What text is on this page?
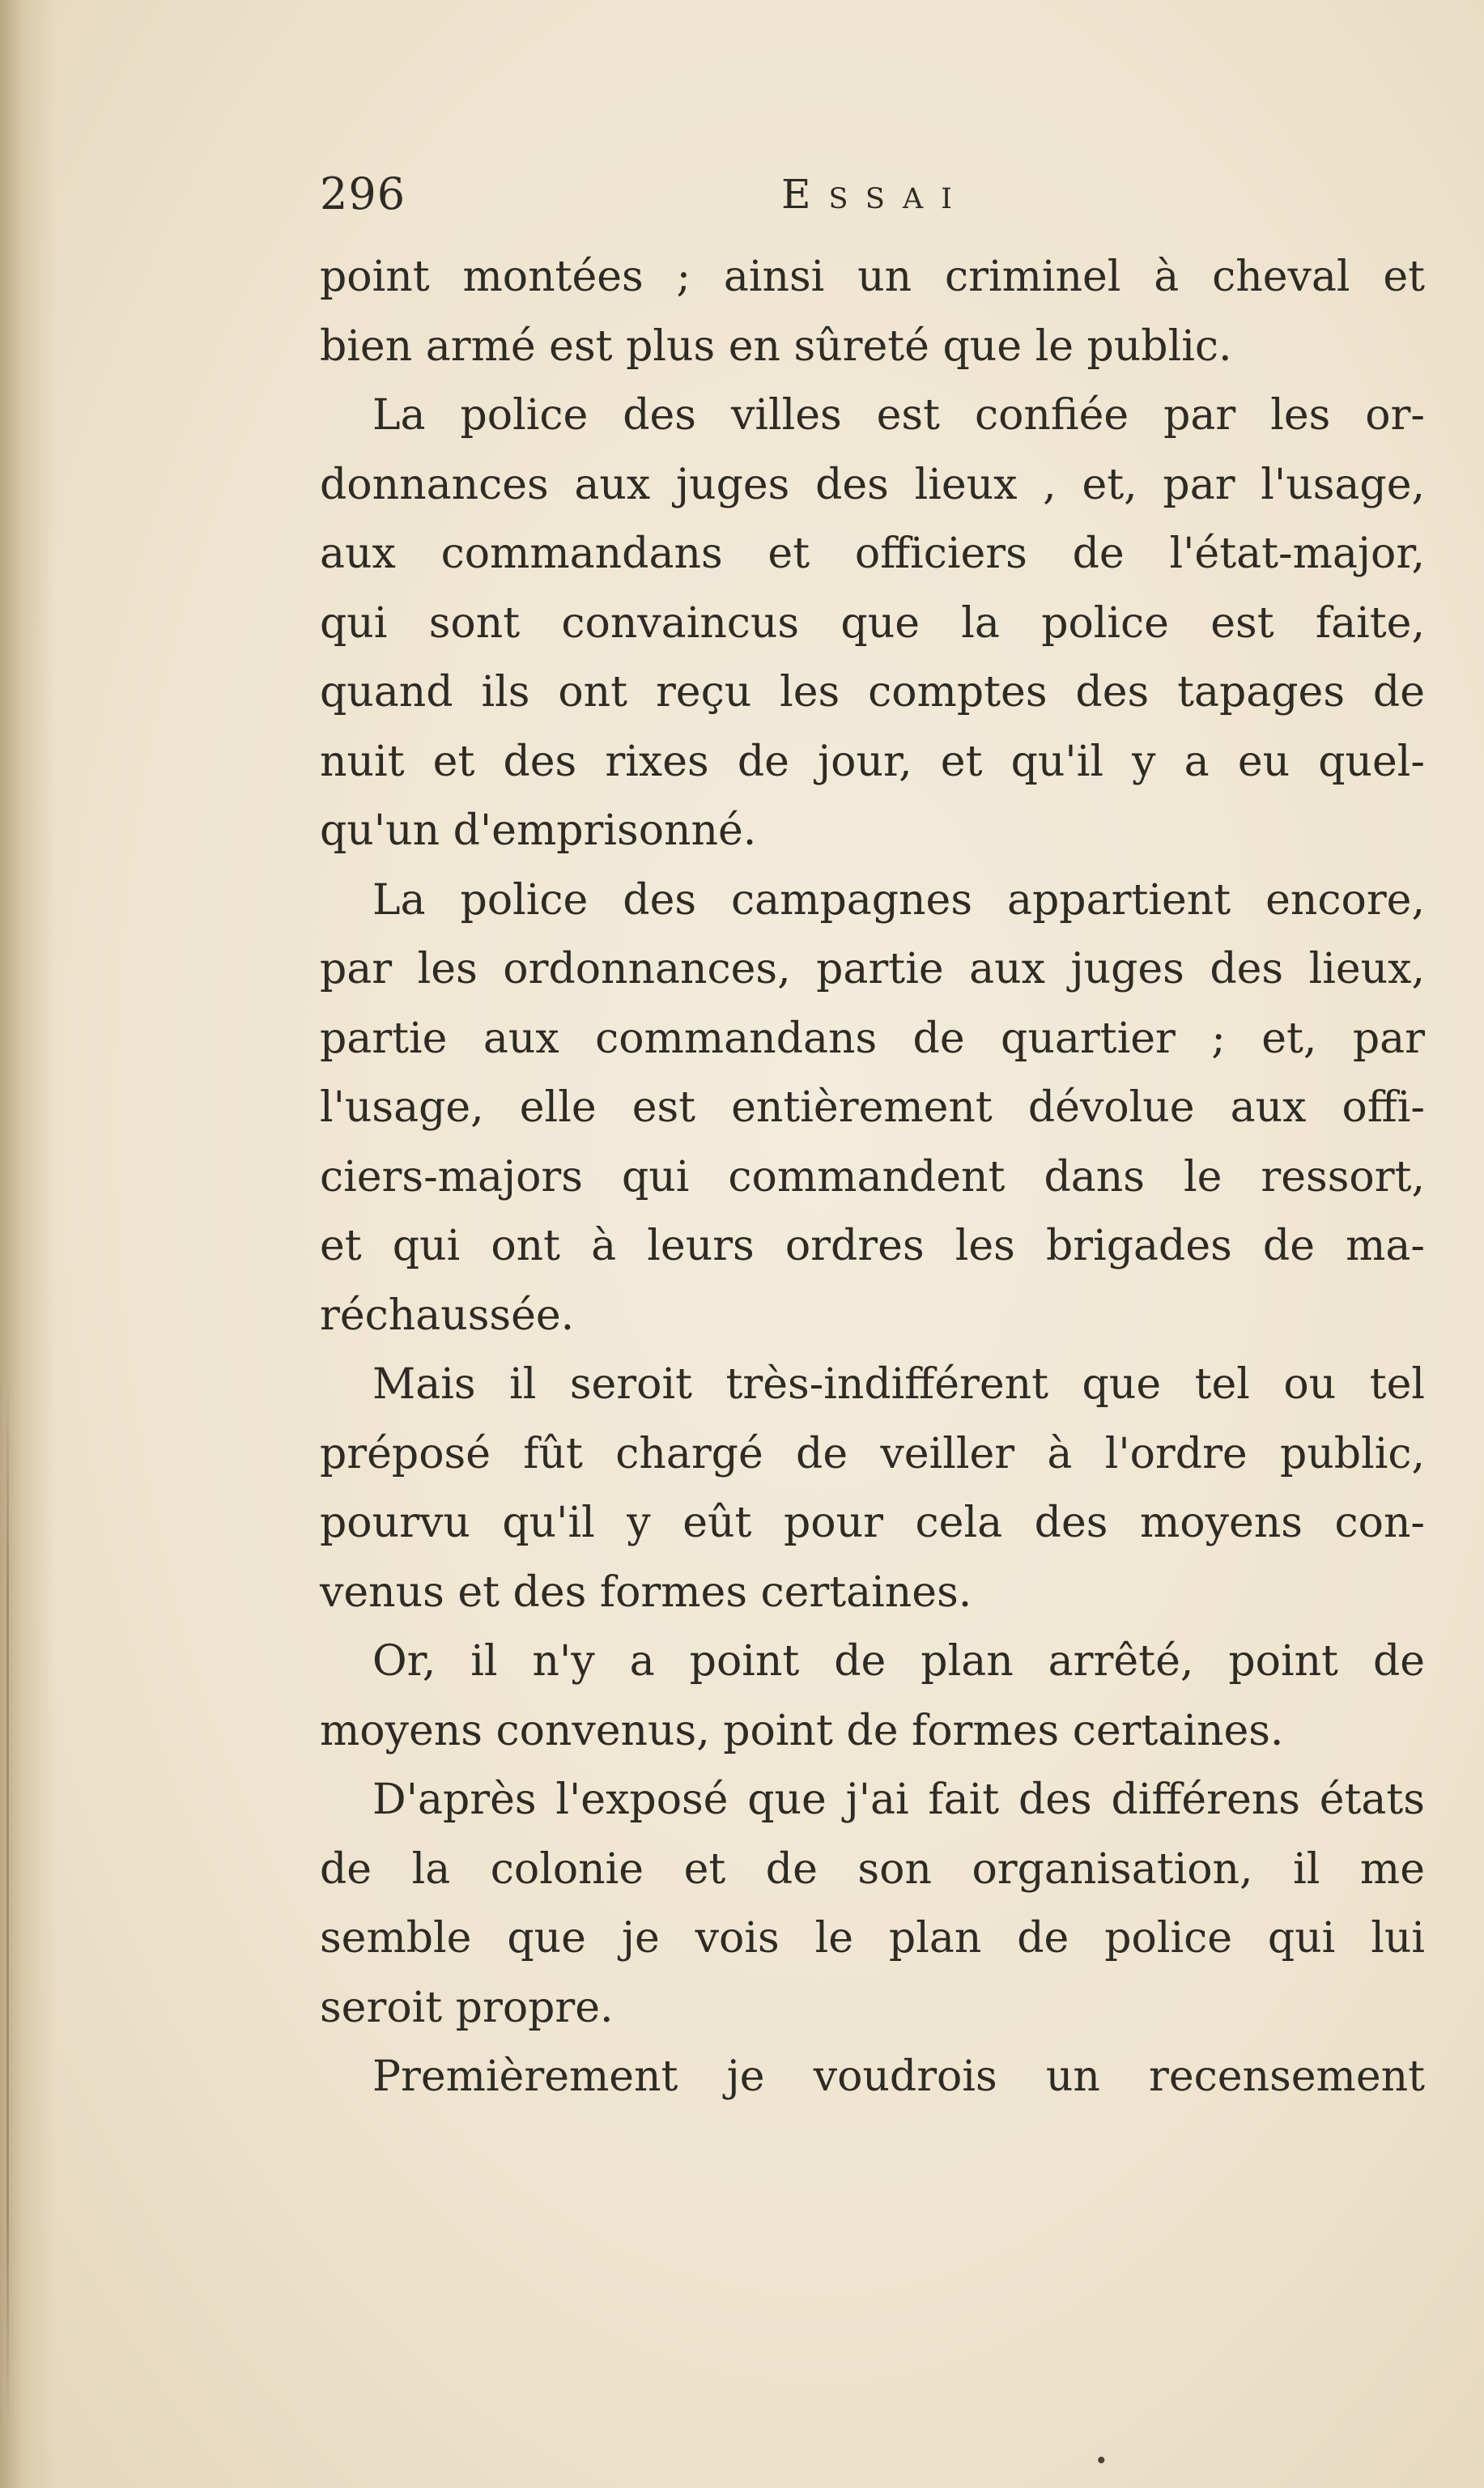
296	Essai
point montées ; ainsi un criminel à cheval et
bien armé est plus en sûreté que le public.
La police des villes est confiée par les or-
donnances aux juges des lieux , et, par l'usage,
aux commandans et officiers de l'état-major,
qui sont convaincus que la police est faite,
quand ils ont reçu les comptes des tapages de
nuit et des rixes de jour, et qu'il y a eu quel-
qu'un d'emprisonné.
La police des campagnes appartient encore,
par les ordonnances, partie aux juges des lieux,
partie aux commandans de quartier ; et, par
l'usage, elle est entièrement dévolue aux offi-
ciers-majors qui commandent dans le ressort,
et qui ont à leurs ordres les brigades de ma-
réchaussée.
Mais il seroit très-indifférent que tel ou tel
préposé fût chargé de veiller à l'ordre public,
pourvu qu'il y eût pour cela des moyens con-
venus et des formes certaines.
Or, il n'y a point de plan arrêté, point de
moyens convenus, point de formes certaines.
D'après l'exposé que j'ai fait des différens états
de la colonie et de son organisation, il me
semble que je vois le plan de police qui lui
seroit propre.
Premièrement je voudrois un recensement
•
